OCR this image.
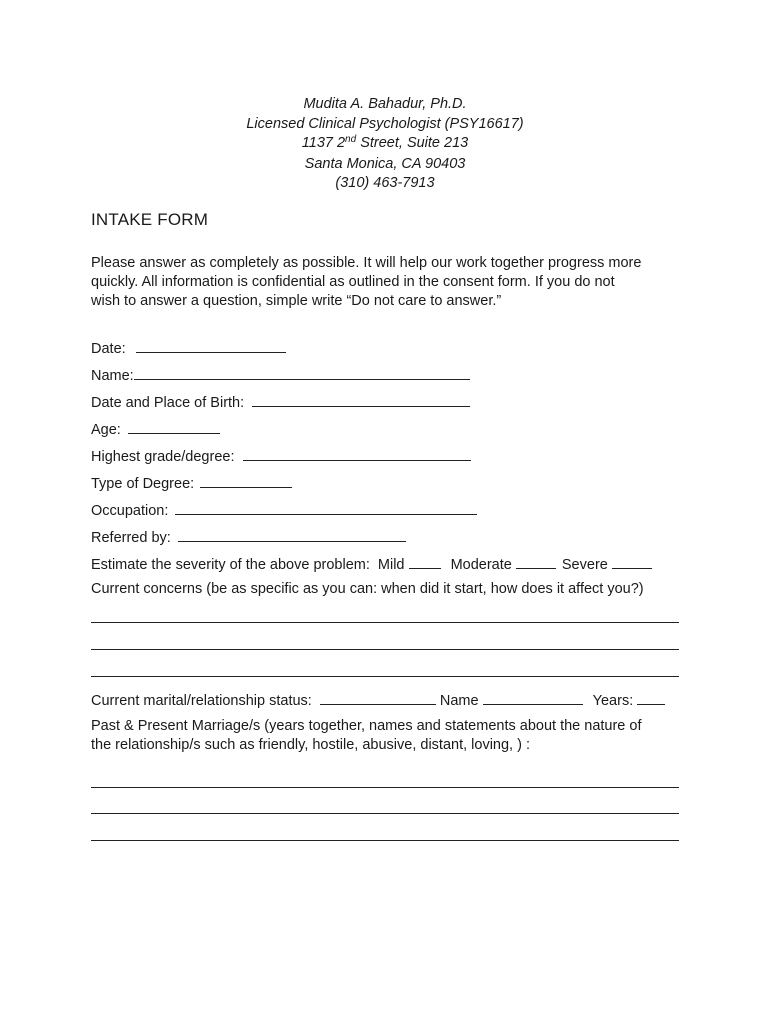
Mudita A. Bahadur, Ph.D.
Licensed Clinical Psychologist (PSY16617)
1137 2nd Street, Suite 213
Santa Monica, CA 90403
(310) 463-7913
INTAKE FORM
Please answer as completely as possible. It will help our work together progress more
quickly. All information is confidential as outlined in the consent form. If you do not
wish to answer a question, simple write “Do not care to answer.”
Date:
Name:
Date and Place of Birth:
Age:
Highest grade/degree:
Type of Degree:
Occupation:
Referred by:
Estimate the severity of the above problem: Mild	Moderate	Severe
Current concerns (be as specific as you can: when did it start, how does it affect you?)
Current marital/relationship status:	Name	Years:
Past & Present Marriage/s (years together, names and statements about the nature of
the relationship/s such as friendly, hostile, abusive, distant, loving, ) :
